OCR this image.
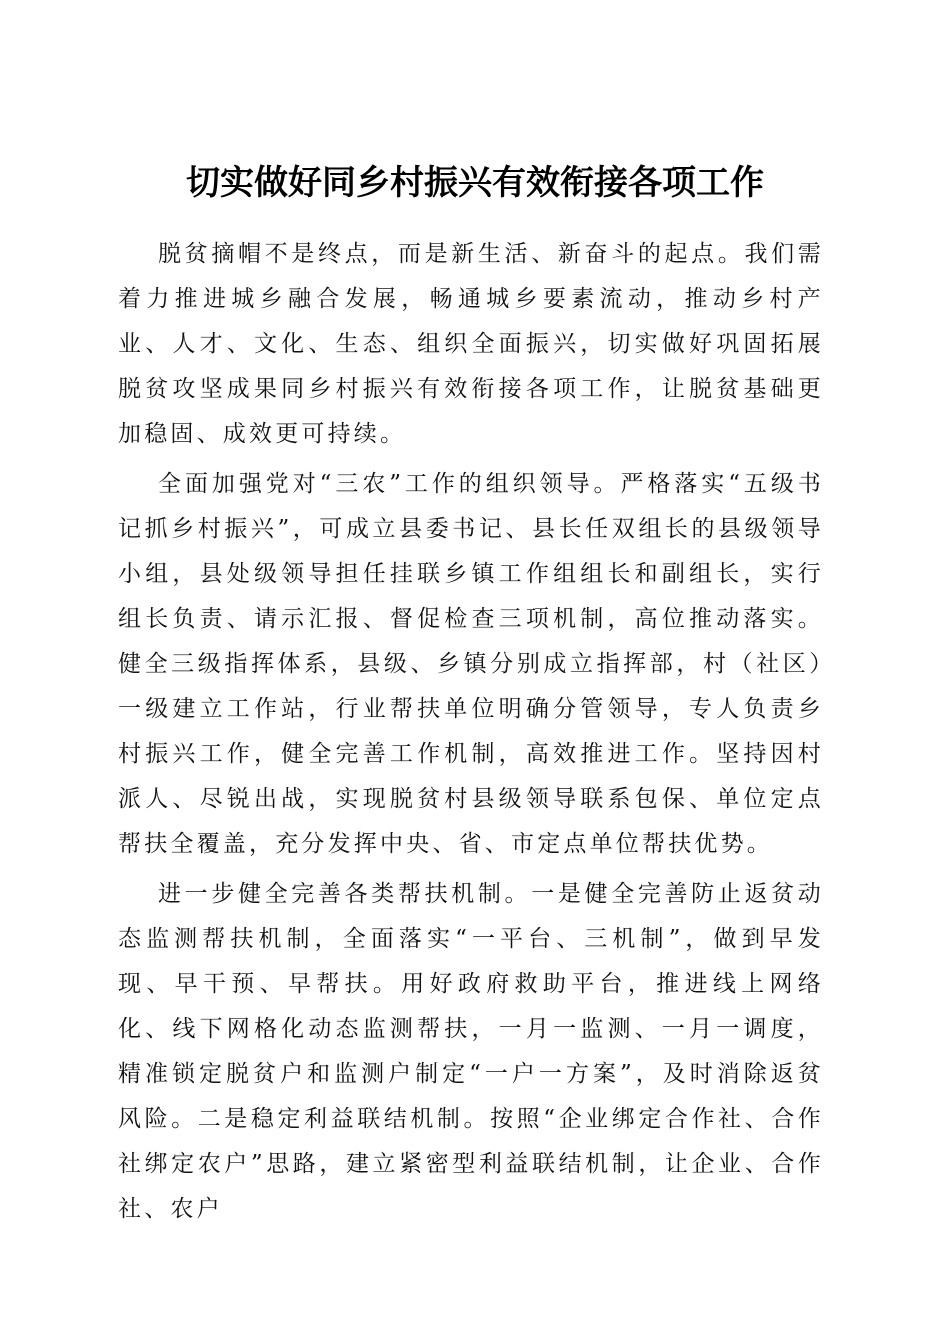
切实做好同乡村振兴有效衔接各项工作

脱贫摘帽不是终点，而是新生活、新奋斗的起点。我们需着力推进城乡融合发展，畅通城乡要素流动，推动乡村产业、人才、文化、生态、组织全面振兴，切实做好巩固拓展脱贫攻坚成果同乡村振兴有效衔接各项工作，让脱贫基础更加稳固、成效更可持续。

全面加强党对“三农”工作的组织领导。严格落实“五级书记抓乡村振兴”，可成立县委书记、县长任双组长的县级领导小组，县处级领导担任挂联乡镇工作组组长和副组长，实行组长负责、请示汇报、督促检查三项机制，高位推动落实。健全三级指挥体系，县级、乡镇分别成立指挥部，村（社区）一级建立工作站，行业帮扶单位明确分管领导，专人负责乡村振兴工作，健全完善工作机制，高效推进工作。坚持因村派人、尽锐出战，实现脱贫村县级领导联系包保、单位定点帮扶全覆盖，充分发挥中央、省、市定点单位帮扶优势。

进一步健全完善各类帮扶机制。一是健全完善防止返贫动态监测帮扶机制，全面落实“一平台、三机制”，做到早发现、早干预、早帮扶。用好政府救助平台，推进线上网络化、线下网格化动态监测帮扶，一月一监测、一月一调度，精准锁定脱贫户和监测户制定“一户一方案”，及时消除返贫风险。二是稳定利益联结机制。按照“企业绑定合作社、合作社绑定农户”思路，建立紧密型利益联结机制，让企业、合作社、农户
